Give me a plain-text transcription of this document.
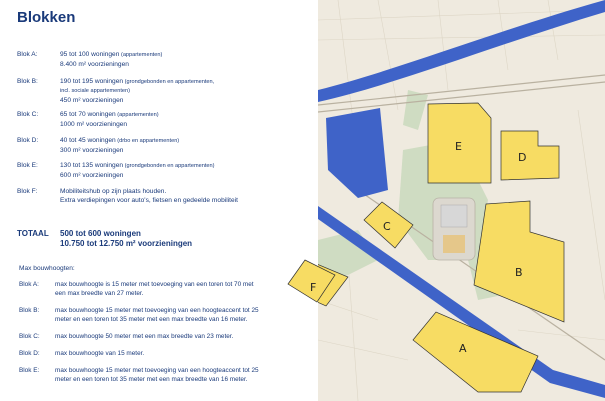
Blokken
Blok A:	95 tot 100 woningen (appartementen)
8.400 m² voorzieningen
Blok B:	190 tot 195 woningen (grondgebonden en appartementen,
incl. sociale appartementen)
450 m² voorzieningen
Blok C:	65 tot 70 woningen (appartementen)
1000 m² voorzieningen
Blok D:	40 tot 45 woningen (drbo en appartementen)
300 m² voorzieningen
Blok E:	130 tot 135 woningen (grondgebonden en appartementen)
600 m² voorzieningen
Blok F:	Mobiliteitshub op zijn plaats houden.
Extra verdiepingen voor auto's, fietsen en gedeelde mobiliteit
TOTAAL 500 tot 600 woningen
10.750 tot 12.750 m² voorzieningen
Max bouwhoogten:
Blok A:	max bouwhoogte is 15 meter met toevoeging van een toren tot 70 met
een max breedte van 27 meter.
Blok B:	max bouwhoogte 15 meter met toevoeging van een hoogteaccent tot 25
meter en een toren tot 35 meter met een max breedte van 16 meter.
Blok C:	max bouwhoogte 50 meter met een max breedte van 23 meter.
Blok D:	max bouwhoogte van 15 meter.
Blok E:	max bouwhoogte 15 meter met toevoeging van een hoogteaccent tot 25
meter en een toren tot 35 meter met een max breedte van 16 meter.
E
D
C
B
A
F
